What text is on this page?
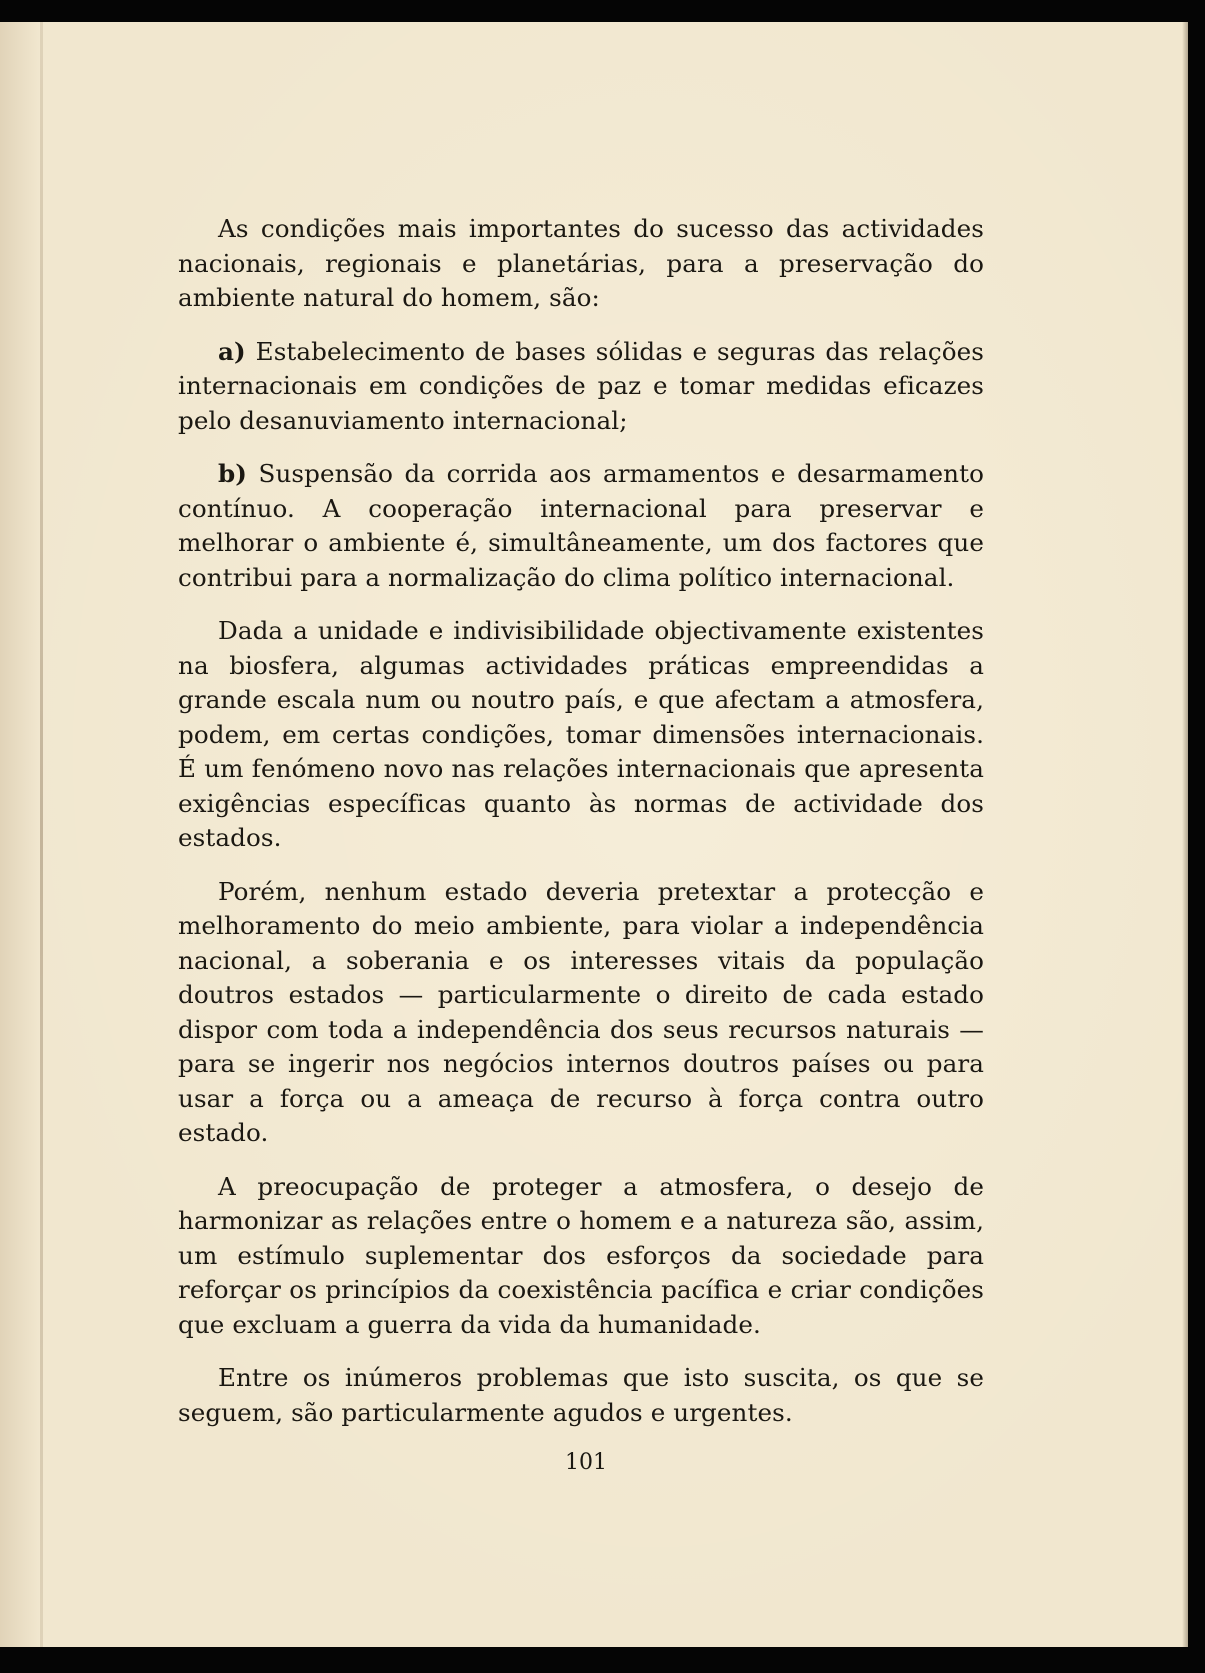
As condições mais importantes do sucesso das actividades nacionais, regionais e planetárias, para a preservação do ambiente natural do homem, são:

a) Estabelecimento de bases sólidas e seguras das relações internacionais em condições de paz e tomar medidas eficazes pelo desanuviamento internacional;

b) Suspensão da corrida aos armamentos e desarmamento contínuo. A cooperação internacional para preservar e melhorar o ambiente é, simultâneamente, um dos factores que contribui para a normalização do clima político internacional.

Dada a unidade e indivisibilidade objectivamente existentes na biosfera, algumas actividades práticas empreendidas a grande escala num ou noutro país, e que afectam a atmosfera, podem, em certas condições, tomar dimensões internacionais. É um fenómeno novo nas relações internacionais que apresenta exigências específicas quanto às normas de actividade dos estados.

Porém, nenhum estado deveria pretextar a protecção e melhoramento do meio ambiente, para violar a independência nacional, a soberania e os interesses vitais da população doutros estados — particularmente o direito de cada estado dispor com toda a independência dos seus recursos naturais — para se ingerir nos negócios internos doutros países ou para usar a força ou a ameaça de recurso à força contra outro estado.

A preocupação de proteger a atmosfera, o desejo de harmonizar as relações entre o homem e a natureza são, assim, um estímulo suplementar dos esforços da sociedade para reforçar os princípios da coexistência pacífica e criar condições que excluam a guerra da vida da humanidade.

Entre os inúmeros problemas que isto suscita, os que se seguem, são particularmente agudos e urgentes.

101
